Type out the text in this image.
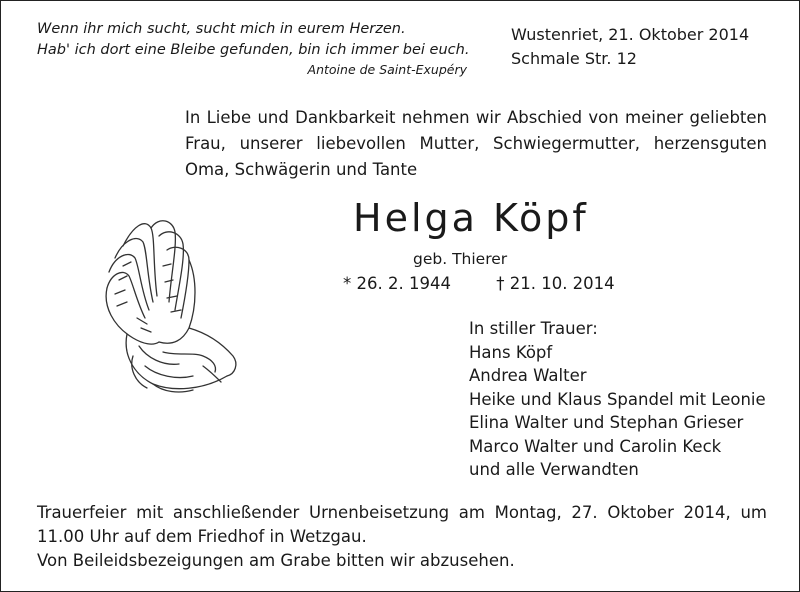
Wenn ihr mich sucht, sucht mich in eurem Herzen.
Hab' ich dort eine Bleibe gefunden, bin ich immer bei euch.
Antoine de Saint-Exupéry
Wustenriet, 21. Oktober 2014
Schmale Str. 12
In Liebe und Dankbarkeit nehmen wir Abschied von meiner geliebten Frau, unserer liebevollen Mutter, Schwiegermutter, herzensguten Oma, Schwägerin und Tante
Helga Köpf
geb. Thierer
* 26. 2. 1944	† 21. 10. 2014
In stiller Trauer:
Hans Köpf
Andrea Walter
Heike und Klaus Spandel mit Leonie
Elina Walter und Stephan Grieser
Marco Walter und Carolin Keck
und alle Verwandten
Trauerfeier mit anschließender Urnenbeisetzung am Montag, 27. Oktober 2014, um
11.00 Uhr auf dem Friedhof in Wetzgau.
Von Beileidsbezeigungen am Grabe bitten wir abzusehen.
